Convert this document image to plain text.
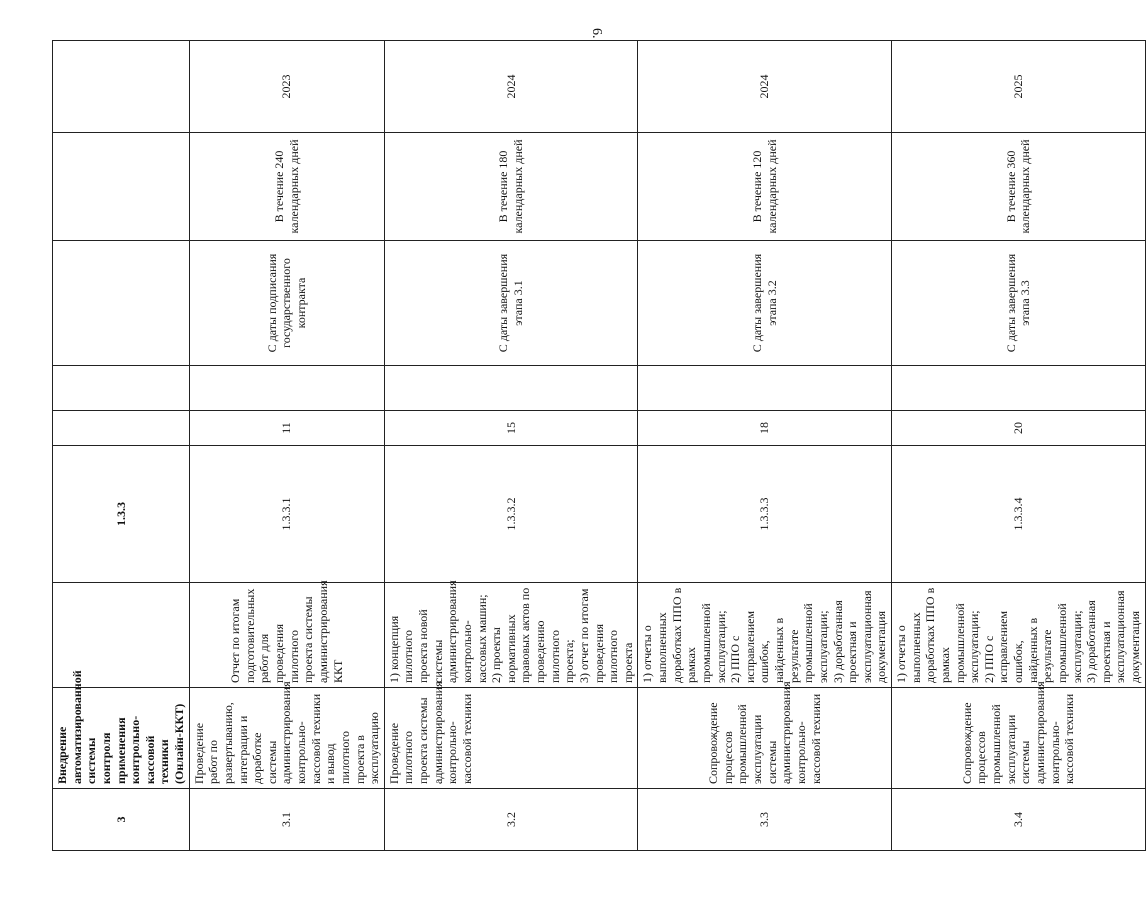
6.
3	Внедрение автоматизированной системы контроля применения контрольно-кассовой техники (Онлайн-ККТ)		1.3.3					
3.1	Проведение работ по развертыванию, интеграции и доработке системы администрирования контрольно-кассовой техники и вывод пилотного проекта в эксплуатацию	Отчет по итогам подготовительных работ для проведения пилотного проекта системы администрирования ККТ	1.3.3.1	11		С даты подписания государственного контракта	В течение 240 календарных дней	2023
3.2	Проведение пилотного проекта системы администрирования контрольно-кассовой техники	1) концепция пилотного проекта новой системы администрирования контрольно-кассовых машин; 2) проекты нормативных правовых актов по проведению пилотного проекта; 3) отчет по итогам проведения пилотного проекта	1.3.3.2	15		С даты завершения этапа 3.1	В течение 180 календарных дней	2024
3.3	Сопровождение процессов промышленной эксплуатации системы администрирования контрольно-кассовой техники	1) отчеты о выполненных доработках ППО в рамках промышленной эксплуатации; 2) ППО с исправлением ошибок, найденных в результате промышленной эксплуатации; 3) доработанная проектная и эксплуатационная документация	1.3.3.3	18		С даты завершения этапа 3.2	В течение 120 календарных дней	2024
3.4	Сопровождение процессов промышленной эксплуатации системы администрирования контрольно-кассовой техники	1) отчеты о выполненных доработках ППО в рамках промышленной эксплуатации; 2) ППО с исправлением ошибок, найденных в результате промышленной эксплуатации; 3) доработанная проектная и эксплуатационная документация	1.3.3.4	20		С даты завершения этапа 3.3	В течение 360 календарных дней	2025
